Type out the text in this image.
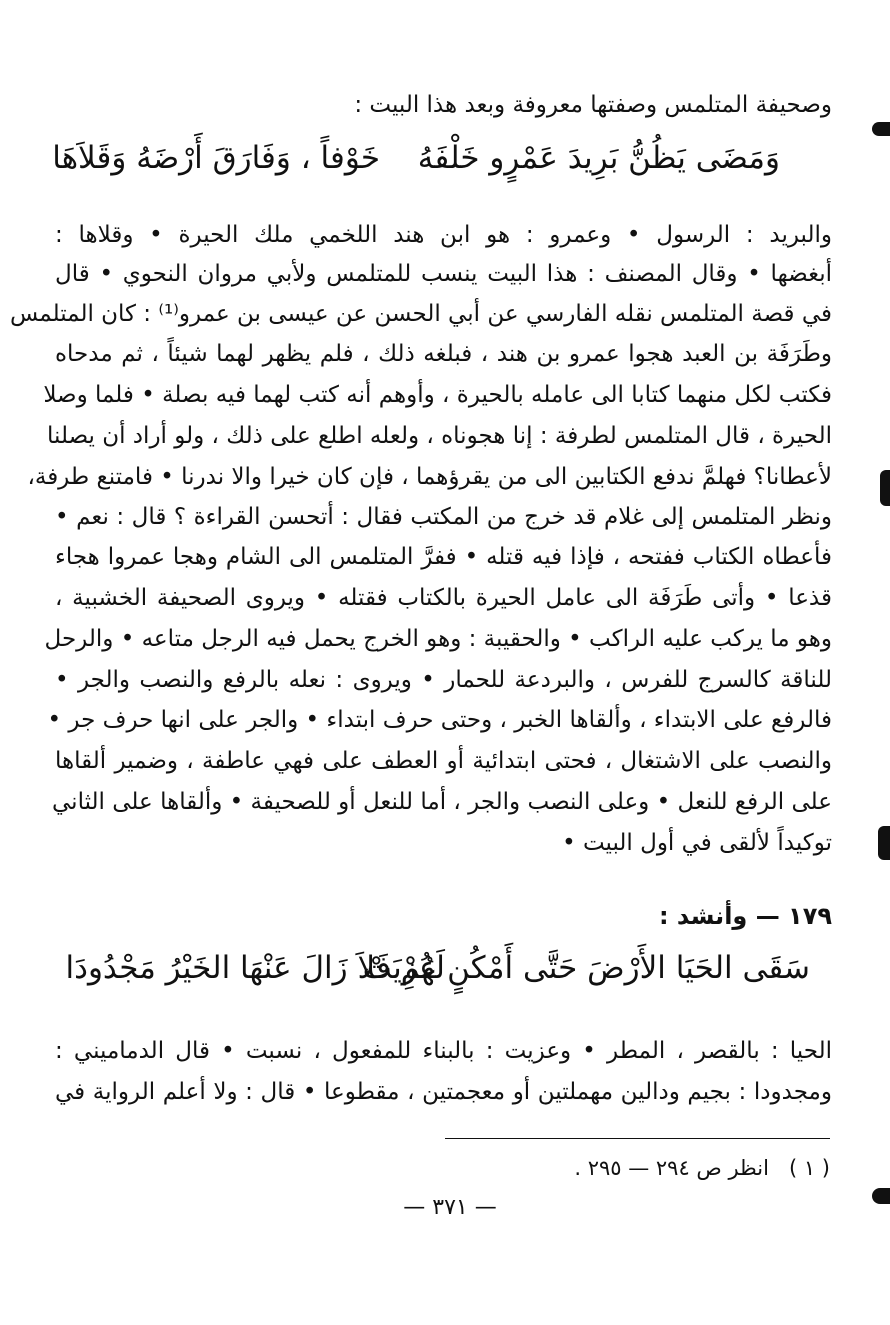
وصحيفة المتلمس وصفتها معروفة وبعد هذا البيت :
وَمَضَى يَظُنُّ بَرِيدَ عَمْرٍو خَلْفَهُ
خَوْفاً ، وَفَارَقَ أَرْضَهُ وَقَلاَهَا
والبريد : الرسول • وعمرو : هو ابن هند اللخمي ملك الحيرة • وقلاها :
أبغضها • وقال المصنف : هذا البيت ينسب للمتلمس ولأبي مروان النحوي • قال
في قصة المتلمس نقله الفارسي عن أبي الحسن عن عيسى بن عمرو⁽¹⁾ : كان المتلمس
وطَرَفَة بن العبد هجوا عمرو بن هند ، فبلغه ذلك ، فلم يظهر لهما شيئاً ، ثم مدحاه
فكتب لكل منهما كتابا الى عامله بالحيرة ، وأوهم أنه كتب لهما فيه بصلة • فلما وصلا
الحيرة ، قال المتلمس لطرفة : إنا هجوناه ، ولعله اطلع على ذلك ، ولو أراد أن يصلنا
لأعطانا؟ فهلمَّ ندفع الكتابين الى من يقرؤهما ، فإن كان خيرا والا ندرنا • فامتنع طرفة،
ونظر المتلمس إلى غلام قد خرج من المكتب فقال : أتحسن القراءة ؟ قال : نعم •
فأعطاه الكتاب ففتحه ، فإذا فيه قتله • ففرَّ المتلمس الى الشام وهجا عمروا هجاء
قذعا • وأتى طَرَفَة الى عامل الحيرة بالكتاب فقتله • ويروى الصحيفة الخشبية ،
وهو ما يركب عليه الراكب • والحقيبة : وهو الخرج يحمل فيه الرجل متاعه • والرحل
للناقة كالسرج للفرس ، والبردعة للحمار • ويروى : نعله بالرفع والنصب والجر •
فالرفع على الابتداء ، وألقاها الخبر ، وحتى حرف ابتداء • والجر على انها حرف جر •
والنصب على الاشتغال ، فحتى ابتدائية أو العطف على فهي عاطفة ، وضمير ألقاها
على الرفع للنعل • وعلى النصب والجر ، أما للنعل أو للصحيفة • وألقاها على الثاني
توكيداً لألقى في أول البيت •
١٧٩ — وأنشد :
سَقَى الحَيَا الأَرْضَ حَتَّى أَمْكُنٍ عُزِيَتْ
لَهُمْ فَلاَ زَالَ عَنْهَا الخَيْرُ مَجْدُودَا
الحيا : بالقصر ، المطر • وعزيت : بالبناء للمفعول ، نسبت • قال الدماميني :
ومجدودا : بجيم ودالين مهملتين أو معجمتين ، مقطوعا • قال : ولا أعلم الرواية في
( ١ )انظر ص ٢٩٤ — ٢٩٥ .
— ٣٧١ —
